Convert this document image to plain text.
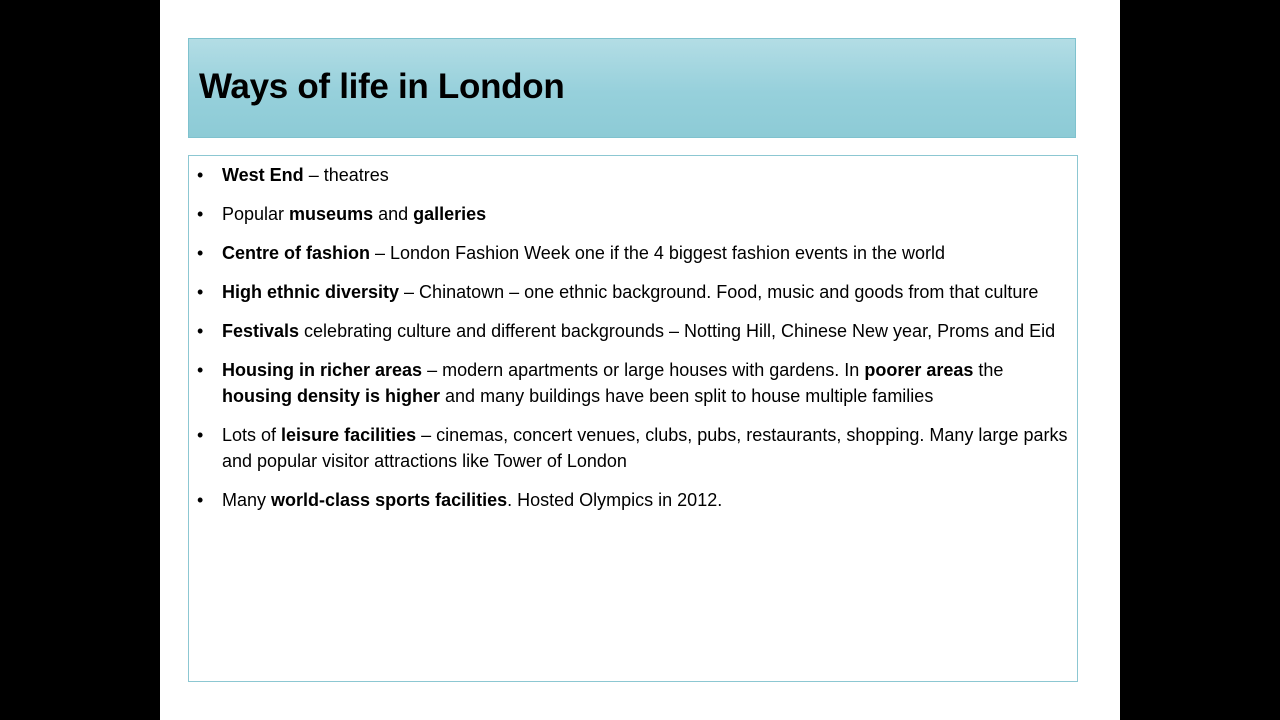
Ways of life in London
• West End – theatres
• Popular museums and galleries
• Centre of fashion – London Fashion Week one if the 4 biggest fashion events in the world
• High ethnic diversity – Chinatown – one ethnic background. Food, music and goods from that culture
• Festivals celebrating culture and different backgrounds – Notting Hill, Chinese New year, Proms and Eid
• Housing in richer areas – modern apartments or large houses with gardens. In poorer areas the housing density is higher and many buildings have been split to house multiple families
• Lots of leisure facilities – cinemas, concert venues, clubs, pubs, restaurants, shopping. Many large parks and popular visitor attractions like Tower of London
• Many world-class sports facilities. Hosted Olympics in 2012.
